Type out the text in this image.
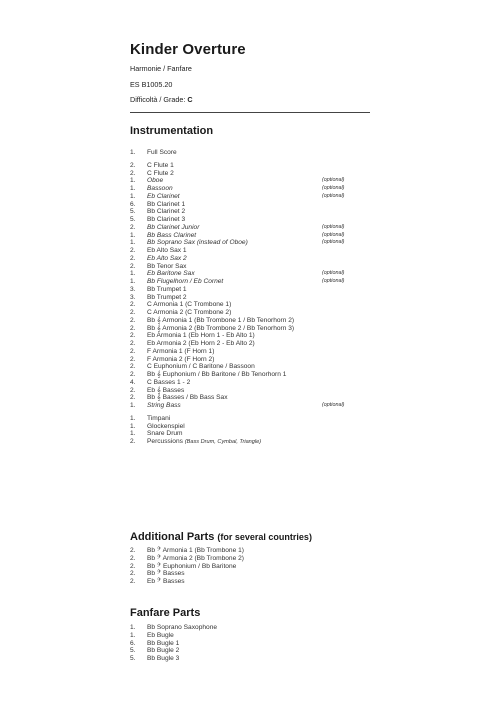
Kinder Overture
Harmonie / Fanfare
ES B1005.20
Difficoltà / Grade: C
Instrumentation
1.	Full Score
2.	C Flute 1
2.	C Flute 2
1.	Oboe	(optional)
1.	Bassoon	(optional)
1.	Eb Clarinet	(optional)
6.	Bb Clarinet 1
5.	Bb Clarinet 2
5.	Bb Clarinet 3
2.	Bb Clarinet Junior	(optional)
1.	Bb Bass Clarinet	(optional)
1.	Bb Soprano Sax (instead of Oboe)	(optional)
2.	Eb Alto Sax 1
2.	Eb Alto Sax 2
2.	Bb Tenor Sax
1.	Eb Baritone Sax	(optional)
1.	Bb Flugelhorn / Eb Cornet	(optional)
3.	Bb Trumpet 1
3.	Bb Trumpet 2
2.	C Armonia 1 (C Trombone 1)
2.	C Armonia 2 (C Trombone 2)
2.	Bb 𝄞 Armonia 1 (Bb Trombone 1 / Bb Tenorhorn 2)
2.	Bb 𝄞 Armonia 2 (Bb Trombone 2 / Bb Tenorhorn 3)
2.	Eb Armonia 1 (Eb Horn 1 - Eb Alto 1)
2.	Eb Armonia 2 (Eb Horn 2 - Eb Alto 2)
2.	F Armonia 1 (F Horn 1)
2.	F Armonia 2 (F Horn 2)
2.	C Euphonium / C Baritone / Bassoon
2.	Bb 𝄞 Euphonium / Bb Baritone / Bb Tenorhorn 1
4.	C Basses 1 - 2
2.	Eb 𝄞 Basses
2.	Bb 𝄞 Basses / Bb Bass Sax
1.	String Bass	(optional)
1.	Timpani
1.	Glockenspiel
1.	Snare Drum
2.	Percussions (Bass Drum, Cymbal, Triangle)
Additional Parts (for several countries)
2.	Bb 𝄢 Armonia 1 (Bb Trombone 1)
2.	Bb 𝄢 Armonia 2 (Bb Trombone 2)
2.	Bb 𝄢 Euphonium / Bb Baritone
2.	Bb 𝄢 Basses
2.	Eb 𝄢 Basses
Fanfare Parts
1.	Bb Soprano Saxophone
1.	Eb Bugle
6.	Bb Bugle 1
5.	Bb Bugle 2
5.	Bb Bugle 3
